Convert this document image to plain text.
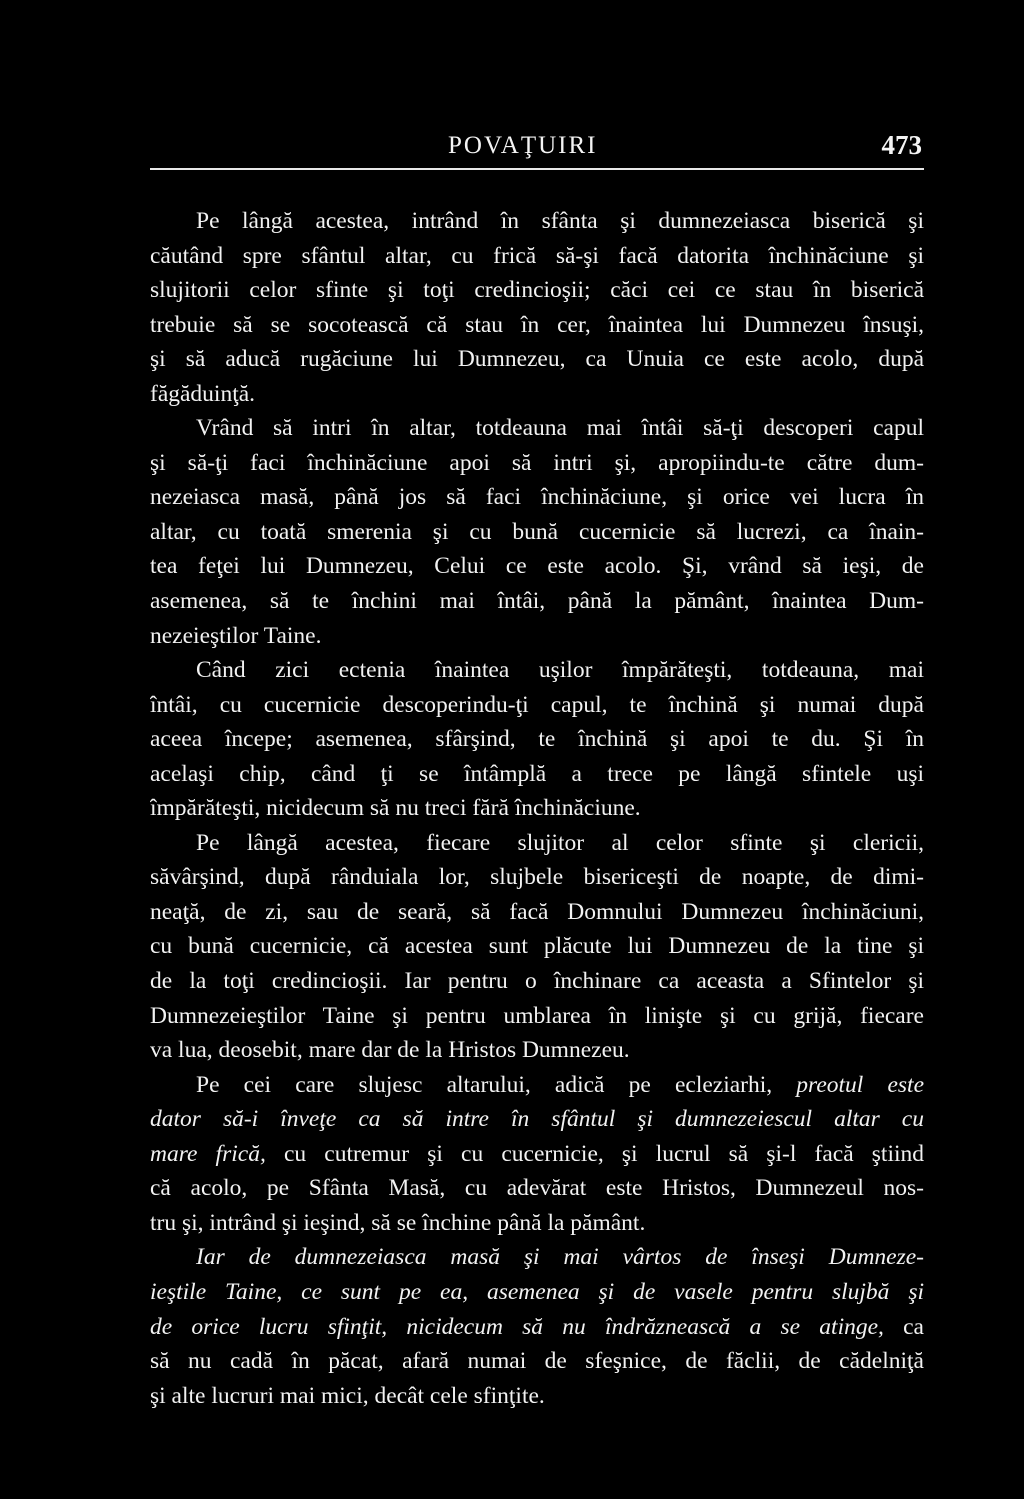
POVAŢUIRI	473
Pe lângă acestea, intrând în sfânta şi dumnezeiasca biserică şi
căutând spre sfântul altar, cu frică să-şi facă datorita închinăciune şi
slujitorii celor sfinte şi toţi credincioşii; căci cei ce stau în biserică
trebuie să se socotească că stau în cer, înaintea lui Dumnezeu însuşi,
şi să aducă rugăciune lui Dumnezeu, ca Unuia ce este acolo, după
făgăduinţă.
Vrând să intri în altar, totdeauna mai întâi să-ţi descoperi capul
şi să-ţi faci închinăciune apoi să intri şi, apropiindu-te către dum-
nezeiasca masă, până jos să faci închinăciune, şi orice vei lucra în
altar, cu toată smerenia şi cu bună cucernicie să lucrezi, ca înain-
tea feţei lui Dumnezeu, Celui ce este acolo. Şi, vrând să ieşi, de
asemenea, să te închini mai întâi, până la pământ, înaintea Dum-
nezeieştilor Taine.
Când zici ectenia înaintea uşilor împărăteşti, totdeauna, mai
întâi, cu cucernicie descoperindu-ţi capul, te închină şi numai după
aceea începe; asemenea, sfârşind, te închină şi apoi te du. Şi în
acelaşi chip, când ţi se întâmplă a trece pe lângă sfintele uşi
împărăteşti, nicidecum să nu treci fără închinăciune.
Pe lângă acestea, fiecare slujitor al celor sfinte şi clericii,
săvârşind, după rânduiala lor, slujbele bisericeşti de noapte, de dimi-
neaţă, de zi, sau de seară, să facă Domnului Dumnezeu închinăciuni,
cu bună cucernicie, că acestea sunt plăcute lui Dumnezeu de la tine şi
de la toţi credincioşii. Iar pentru o închinare ca aceasta a Sfintelor şi
Dumnezeieştilor Taine şi pentru umblarea în linişte şi cu grijă, fiecare
va lua, deosebit, mare dar de la Hristos Dumnezeu.
Pe cei care slujesc altarului, adică pe ecleziarhi, preotul este
dator să-i înveţe ca să intre în sfântul şi dumnezeiescul altar cu
mare frică, cu cutremur şi cu cucernicie, şi lucrul să şi-l facă ştiind
că acolo, pe Sfânta Masă, cu adevărat este Hristos, Dumnezeul nos-
tru şi, intrând şi ieşind, să se închine până la pământ.
Iar de dumnezeiasca masă şi mai vârtos de înseşi Dumneze-
ieştile Taine, ce sunt pe ea, asemenea şi de vasele pentru slujbă şi
de orice lucru sfinţit, nicidecum să nu îndrăznească a se atinge, ca
să nu cadă în păcat, afară numai de sfeşnice, de făclii, de cădelniţă
şi alte lucruri mai mici, decât cele sfinţite.
